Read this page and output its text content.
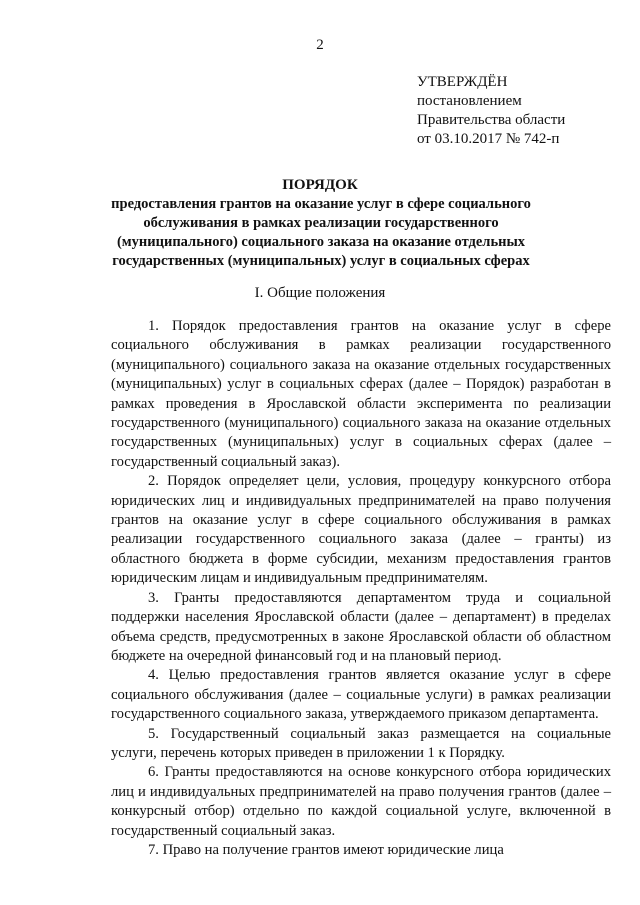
2
УТВЕРЖДЁН
постановлением
Правительства области
от 03.10.2017 № 742-п
ПОРЯДОК
предоставления грантов на оказание услуг в сфере социального обслуживания в рамках реализации государственного (муниципального) социального заказа на оказание отдельных государственных (муниципальных) услуг в социальных сферах
I. Общие положения

1. Порядок предоставления грантов на оказание услуг в сфере социального обслуживания в рамках реализации государственного (муниципального) социального заказа на оказание отдельных государственных (муниципальных) услуг в социальных сферах (далее – Порядок) разработан в рамках проведения в Ярославской области эксперимента по реализации государственного (муниципального) социального заказа на оказание отдельных государственных (муниципальных) услуг в социальных сферах (далее – государственный социальный заказ).

2. Порядок определяет цели, условия, процедуру конкурсного отбора юридических лиц и индивидуальных предпринимателей на право получения грантов на оказание услуг в сфере социального обслуживания в рамках реализации государственного социального заказа (далее – гранты) из областного бюджета в форме субсидии, механизм предоставления грантов юридическим лицам и индивидуальным предпринимателям.

3. Гранты предоставляются департаментом труда и социальной поддержки населения Ярославской области (далее – департамент) в пределах объема средств, предусмотренных в законе Ярославской области об областном бюджете на очередной финансовый год и на плановый период.

4. Целью предоставления грантов является оказание услуг в сфере социального обслуживания (далее – социальные услуги) в рамках реализации государственного социального заказа, утверждаемого приказом департамента.

5. Государственный социальный заказ размещается на социальные услуги, перечень которых приведен в приложении 1 к Порядку.

6. Гранты предоставляются на основе конкурсного отбора юридических лиц и индивидуальных предпринимателей на право получения грантов (далее – конкурсный отбор) отдельно по каждой социальной услуге, включенной в государственный социальный заказ.

7. Право на получение грантов имеют юридические лица
